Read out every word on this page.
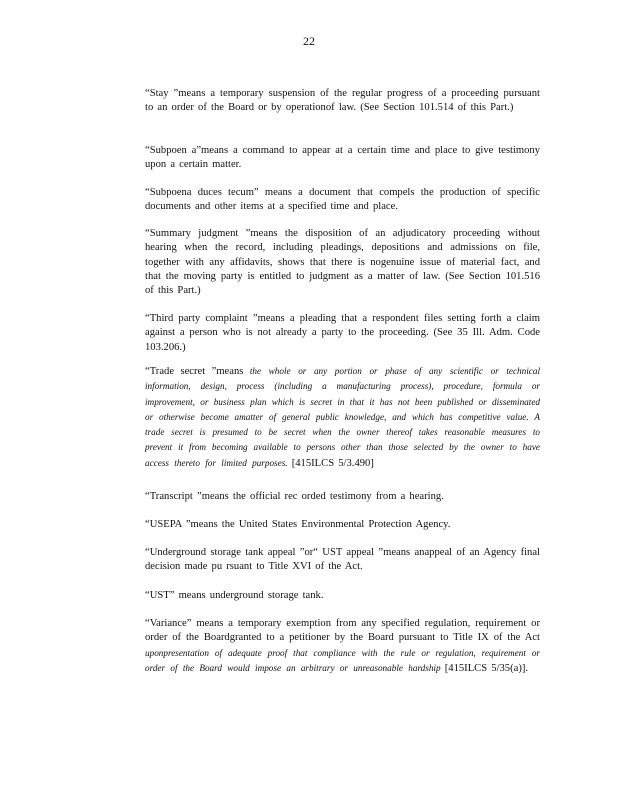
22

“Stay ”means a temporary suspension of the regular progress of a proceeding pursuant to an order of the Board or by operationof law. (See Section 101.514 of this Part.)

“Subpoen a”means a command to appear at a certain time and place to give testimony upon a certain matter.

“Subpoena duces tecum” means a document that compels the production of specific documents and other items at a specified time and place.

“Summary judgment ”means the disposition of an adjudicatory proceeding without hearing when the record, including pleadings, depositions and admissions on file, together with any affidavits, shows that there is nogenuine issue of material fact, and that the moving party is entitled to judgment as a matter of law. (See Section 101.516 of this Part.)

“Third party complaint ”means a pleading that a respondent files setting forth a claim against a person who is not already a party to the proceeding. (See 35 Ill. Adm. Code 103.206.)

“Trade secret ”means the whole or any portion or phase of any scientific or technical information, design, process (including a manufacturing process), procedure, formula or improvement, or business plan which is secret in that it has not been published or disseminated or otherwise become amatter of general public knowledge, and which has competitive value. A trade secret is presumed to be secret when the owner thereof takes reasonable measures to prevent it from becoming available to persons other than those selected by the owner to have access thereto for limited purposes. [415ILCS 5/3.490]

“Transcript ”means the official rec orded testimony from a hearing.

“USEPA ”means the United States Environmental Protection Agency.

“Underground storage tank appeal ”or“ UST appeal ”means anappeal of an Agency final decision made pu rsuant to Title XVI of the Act.

“UST” means underground storage tank.

“Variance” means a temporary exemption from any specified regulation, requirement or order of the Boardgranted to a petitioner by the Board pursuant to Title IX of the Act uponpresentation of adequate proof that compliance with the rule or regulation, requirement or order of the Board would impose an arbitrary or unreasonable hardship [415ILCS 5/35(a)].
